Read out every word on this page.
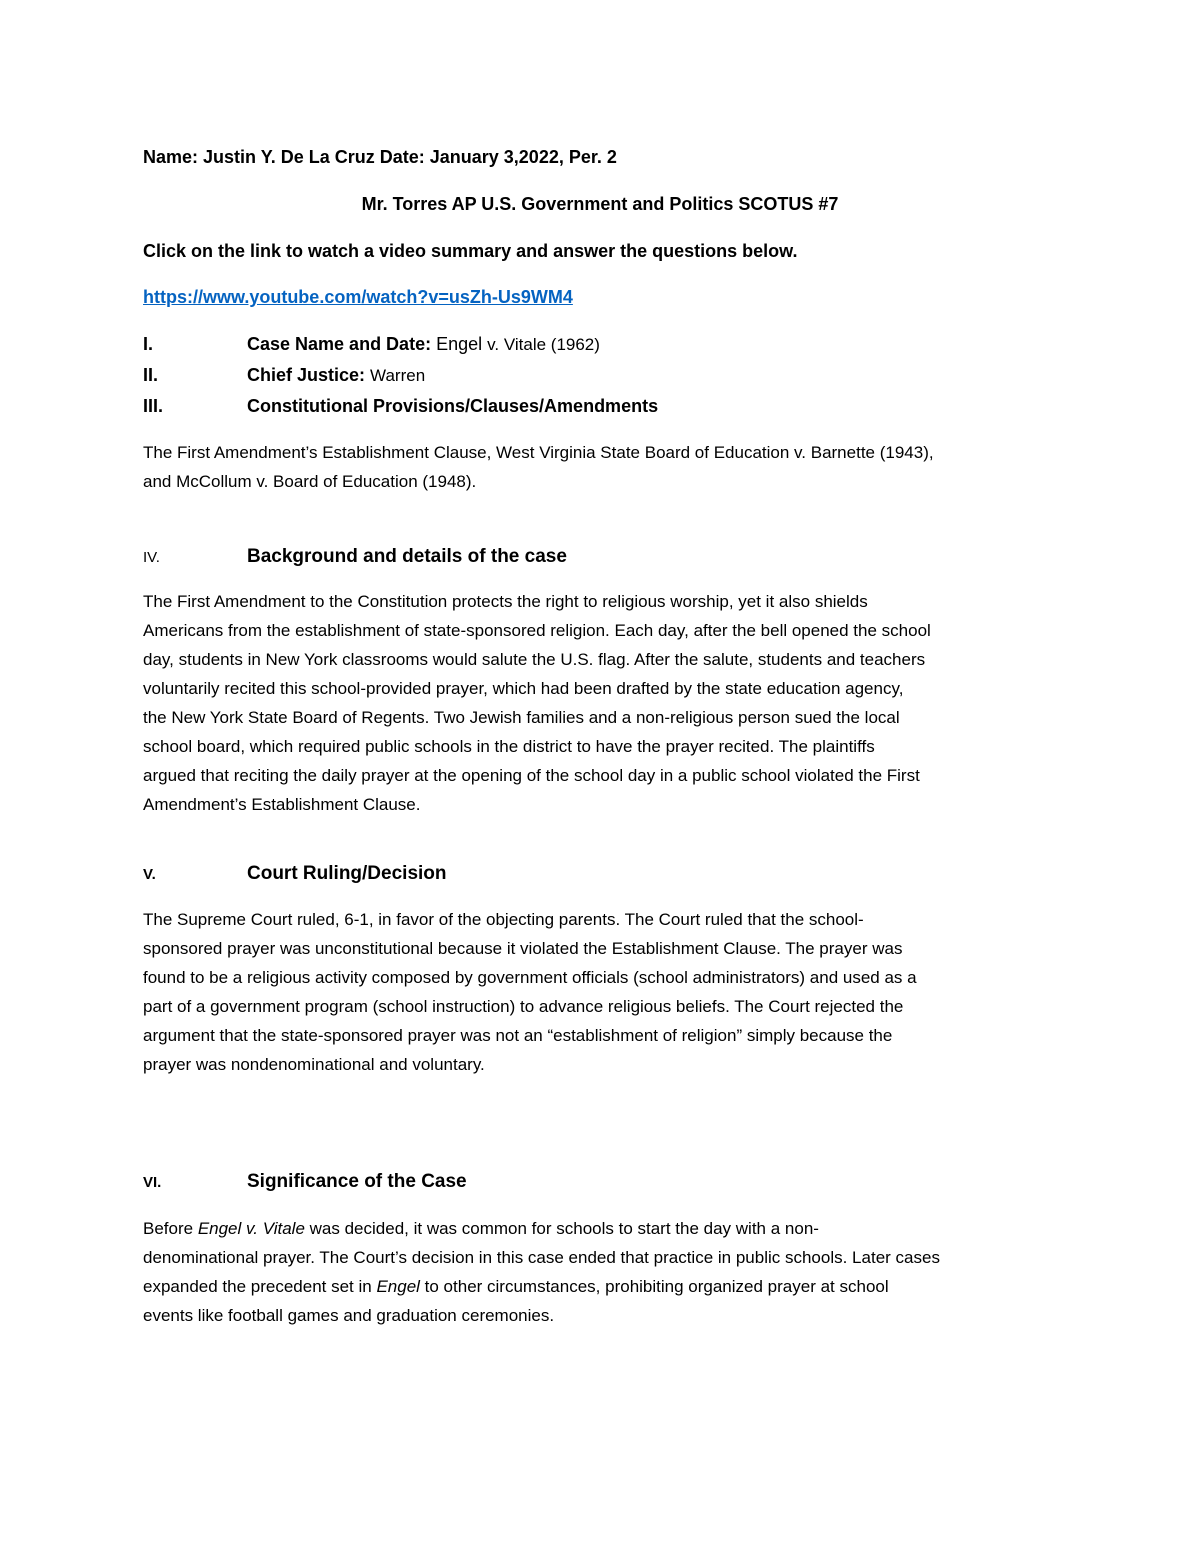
Name: Justin Y. De La Cruz Date: January 3,2022, Per. 2
Mr. Torres AP U.S. Government and Politics SCOTUS #7
Click on the link to watch a video summary and answer the questions below.
https://www.youtube.com/watch?v=usZh-Us9WM4
I.	Case Name and Date: Engel v. Vitale (1962)
II.	Chief Justice: Warren
III.	Constitutional Provisions/Clauses/Amendments
The First Amendment’s Establishment Clause, West Virginia State Board of Education v. Barnette (1943),
and McCollum v. Board of Education (1948).
IV.	Background and details of the case
The First Amendment to the Constitution protects the right to religious worship, yet it also shields
Americans from the establishment of state-sponsored religion. Each day, after the bell opened the school
day, students in New York classrooms would salute the U.S. flag. After the salute, students and teachers
voluntarily recited this school-provided prayer, which had been drafted by the state education agency,
the New York State Board of Regents. Two Jewish families and a non-religious person sued the local
school board, which required public schools in the district to have the prayer recited. The plaintiffs
argued that reciting the daily prayer at the opening of the school day in a public school violated the First
Amendment’s Establishment Clause.
V.	Court Ruling/Decision
The Supreme Court ruled, 6-1, in favor of the objecting parents. The Court ruled that the school-
sponsored prayer was unconstitutional because it violated the Establishment Clause. The prayer was
found to be a religious activity composed by government officials (school administrators) and used as a
part of a government program (school instruction) to advance religious beliefs. The Court rejected the
argument that the state-sponsored prayer was not an “establishment of religion” simply because the
prayer was nondenominational and voluntary.
VI.	Significance of the Case
Before Engel v. Vitale was decided, it was common for schools to start the day with a non-
denominational prayer. The Court’s decision in this case ended that practice in public schools. Later cases
expanded the precedent set in Engel to other circumstances, prohibiting organized prayer at school
events like football games and graduation ceremonies.
